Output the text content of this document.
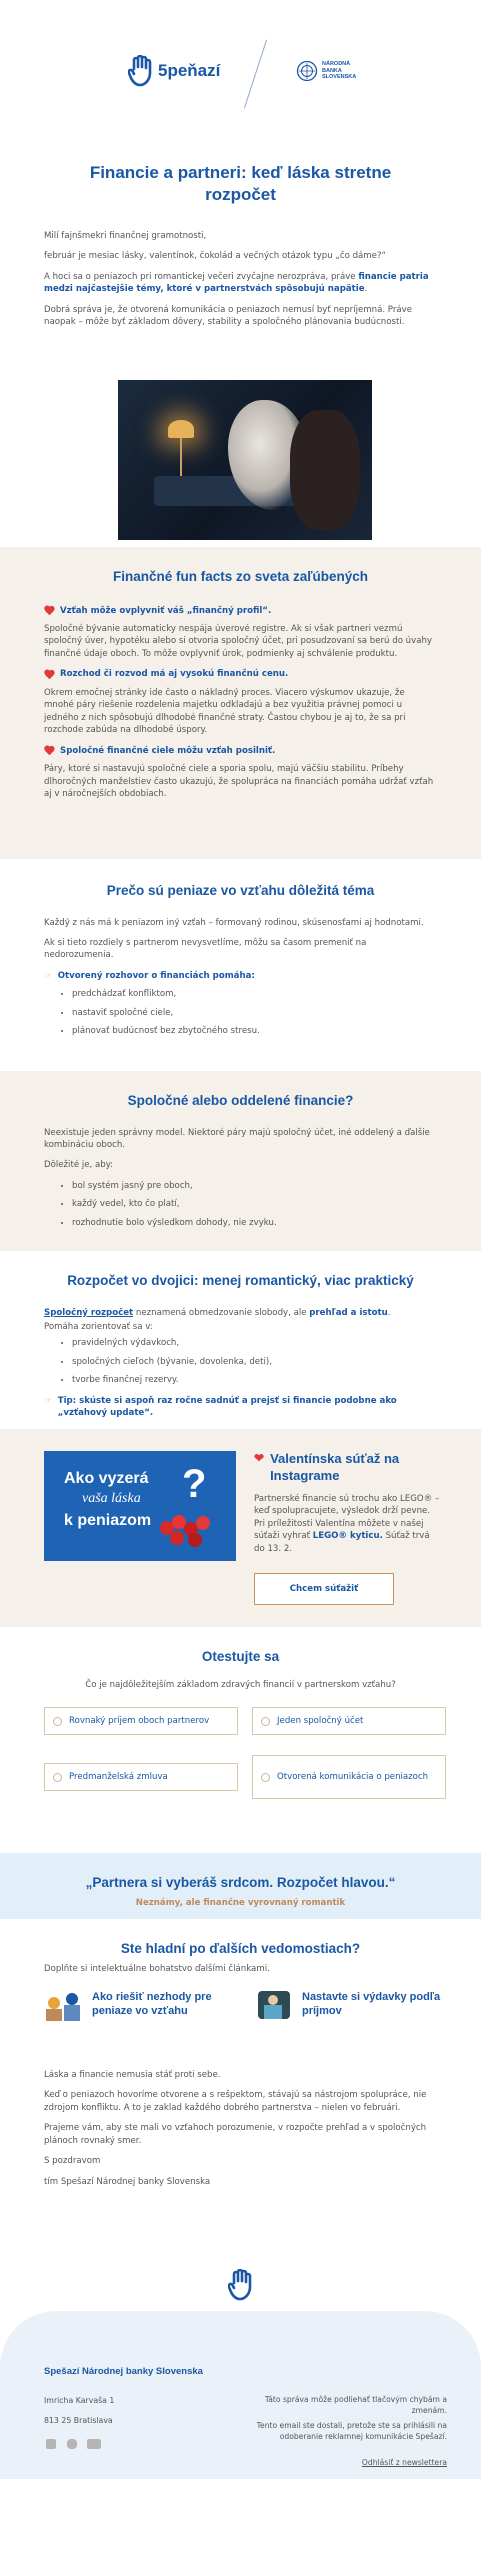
5peňazí	NÁRODNÁ
BANKA
SLOVENSKA
Financie a partneri: keď láska stretne rozpočet

Milí fajnšmekri finančnej gramotnosti,

február je mesiac lásky, valentínok, čokolád a večných otázok typu „čo dáme?“

A hoci sa o peniazoch pri romantickej večeri zvyčajne nerozpráva, práve financie patria medzi najčastejšie témy, ktoré v partnerstvách spôsobujú napätie.

Dobrá správa je, že otvorená komunikácia o peniazoch nemusí byť nepríjemná. Práve naopak – môže byť základom dôvery, stability a spoločného plánovania budúcnosti.

Finančné fun facts zo sveta zaľúbených
Vzťah môže ovplyvniť váš „finančný profil“.

Spoločné bývanie automaticky nespája úverové registre. Ak si však partneri vezmú spoločný úver, hypotéku alebo si otvoria spoločný účet, pri posudzovaní sa berú do úvahy finančné údaje oboch. To môže ovplyvniť úrok, podmienky aj schválenie produktu.

Rozchod či rozvod má aj vysokú finančnú cenu.

Okrem emočnej stránky ide často o nákladný proces. Viacero výskumov ukazuje, že mnohé páry riešenie rozdelenia majetku odkladajú a bez využitia právnej pomoci u jedného z nich spôsobujú dlhodobé finančné straty. Častou chybou je aj to, že sa pri rozchode zabúda na dlhodobé úspory.

Spoločné finančné ciele môžu vzťah posilniť.

Páry, ktoré si nastavujú spoločné ciele a sporia spolu, majú väčšiu stabilitu. Príbehy dlhoročných manželstiev často ukazujú, že spolupráca na financiách pomáha udržať vzťah aj v náročnejších obdobiach.

Prečo sú peniaze vo vzťahu dôležitá téma

Každý z nás má k peniazom iný vzťah – formovaný rodinou, skúsenosťami aj hodnotami.

Ak si tieto rozdiely s partnerom nevysvetlíme, môžu sa časom premeniť na nedorozumenia.

☞ Otvorený rozhovor o financiách pomáha:
• predchádzať konfliktom,
• nastaviť spoločné ciele,
• plánovať budúcnosť bez zbytočného stresu.
Spoločné alebo oddelené financie?

Neexistuje jeden správny model. Niektoré páry majú spoločný účet, iné oddelený a ďalšie kombináciu oboch.

Dôležité je, aby:

• bol systém jasný pre oboch,
• každý vedel, kto čo platí,
• rozhodnutie bolo výsledkom dohody, nie zvyku.
Rozpočet vo dvojici: menej romantický, viac praktický

Spoločný rozpočet neznamená obmedzovanie slobody, ale prehľad a istotu.

Pomáha zorientovať sa v:

• pravidelných výdavkoch,
• spoločných cieľoch (bývanie, dovolenka, deti),
• tvorbe finančnej rezervy.
☞ Tip: skúste si aspoň raz ročne sadnúť a prejsť si financie podobne ako „vzťahový update“.
Ako vyzerá
vaša láska
k peniazom
?
❤ Valentínska súťaž na Instagrame

Partnerské financie sú trochu ako LEGO® – keď spolupracujete, výsledok drží pevne. Pri príležitosti Valentína môžete v našej súťaži vyhrať LEGO® kyticu. Súťaž trvá do 13. 2.

Chcem súťažiť
Otestujte sa
Čo je najdôležitejším základom zdravých financií v partnerskom vzťahu?
Rovnaký príjem oboch partnerov	Jeden spoločný účet
Predmanželská zmluva	Otvorená komunikácia o peniazoch
„Partnera si vyberáš srdcom. Rozpočet hlavou.“
Neznámy, ale finančne vyrovnaný romantik
Ste hladní po ďalších vedomostiach?
Doplňte si intelektuálne bohatstvo ďalšími článkami.
Ako riešiť nezhody pre peniaze vo vzťahu
Nastavte si výdavky podľa príjmov

Láska a financie nemusia stáť proti sebe.

Keď o peniazoch hovoríme otvorene a s rešpektom, stávajú sa nástrojom spolupráce, nie zdrojom konfliktu. A to je zaklad každého dobrého partnerstva – nielen vo februári.

Prajeme vám, aby ste mali vo vzťahoch porozumenie, v rozpočte prehľad a v spoločných plánoch rovnaký smer.

S pozdravom

tím Spešazí Národnej banky Slovenska

Spešazí Národnej banky Slovenska
Imricha Karvaša 1
813 25 Bratislava

Táto správa môže podliehať tlačovým chybám a zmenám.
Tento email ste dostali, pretože ste sa prihlásili na odoberanie reklamnej komunikácie Spešazí.
Odhlásiť z newslettera
